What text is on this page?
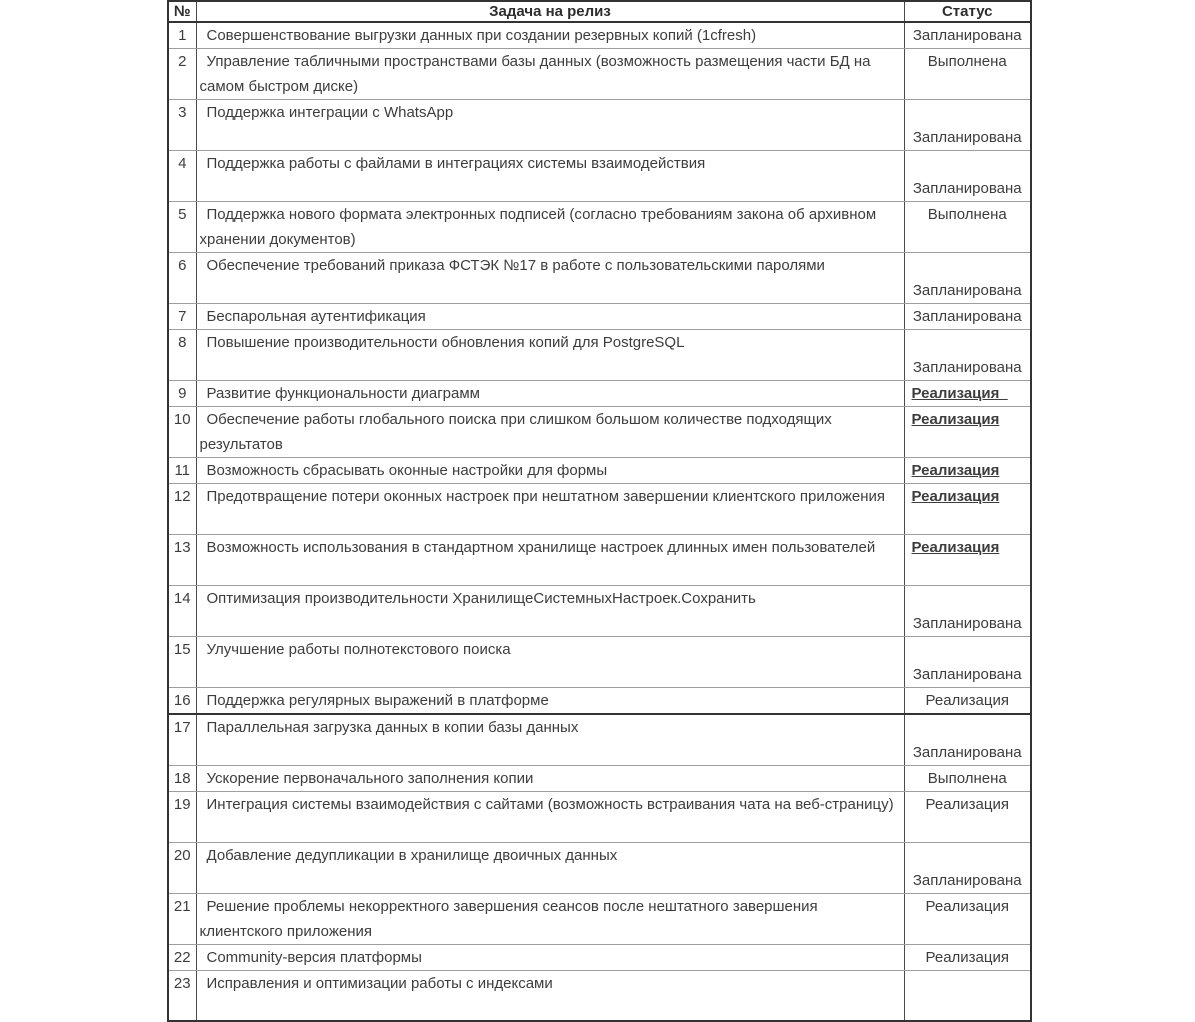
№	Задача на релиз	Статус
1	Совершенствование выгрузки данных при создании резервных копий (1cfresh)	Запланирована
2	Управление табличными пространствами базы данных (возможность размещения части БД на самом быстром диске)	Выполнена
3	Поддержка интеграции с WhatsApp	Запланирована
4	Поддержка работы с файлами в интеграциях системы взаимодействия	Запланирована
5	Поддержка нового формата электронных подписей (согласно требованиям закона об архивном хранении документов)	Выполнена
6	Обеспечение требований приказа ФСТЭК №17 в работе с пользовательскими паролями	Запланирована
7	Беспарольная аутентификация	Запланирована
8	Повышение производительности обновления копий для PostgreSQL	Запланирована
9	Развитие функциональности диаграмм	Реализация
10	Обеспечение работы глобального поиска при слишком большом количестве подходящих результатов	Реализация
11	Возможность сбрасывать оконные настройки для формы	Реализация
12	Предотвращение потери оконных настроек при нештатном завершении клиентского приложения	Реализация
13	Возможность использования в стандартном хранилище настроек длинных имен пользователей	Реализация
14	Оптимизация производительности ХранилищеСистемныхНастроек.Сохранить	Запланирована
15	Улучшение работы полнотекстового поиска	Запланирована
16	Поддержка регулярных выражений в платформе	Реализация
17	Параллельная загрузка данных в копии базы данных	Запланирована
18	Ускорение первоначального заполнения копии	Выполнена
19	Интеграция системы взаимодействия с сайтами (возможность встраивания чата на веб-страницу)	Реализация
20	Добавление дедупликации в хранилище двоичных данных	Запланирована
21	Решение проблемы некорректного завершения сеансов после нештатного завершения клиентского приложения	Реализация
22	Community-версия платформы	Реализация
23	Исправления и оптимизации работы с индексами	
